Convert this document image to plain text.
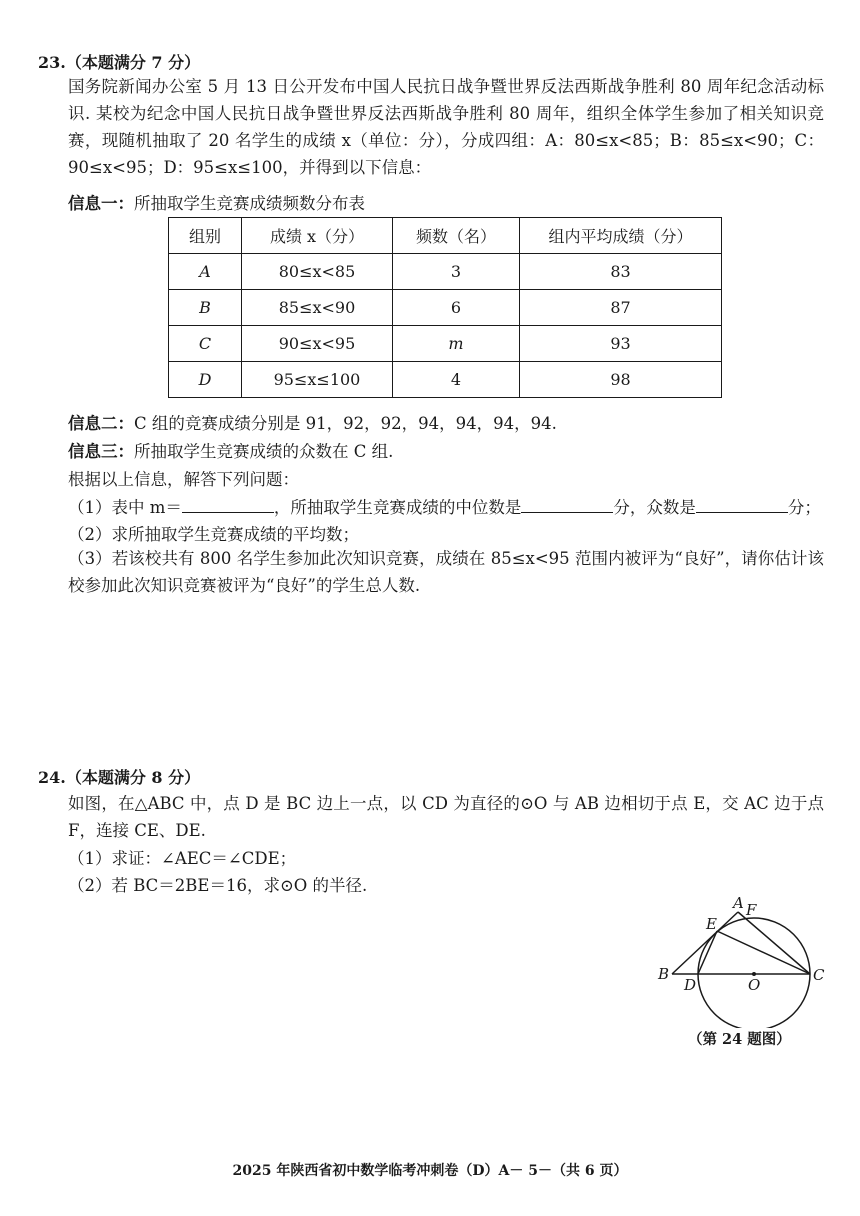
23.（本题满分 7 分）
国务院新闻办公室 5 月 13 日公开发布中国人民抗日战争暨世界反法西斯战争胜利 80 周年纪念活动标识. 某校为纪念中国人民抗日战争暨世界反法西斯战争胜利 80 周年，组织全体学生参加了相关知识竞赛，现随机抽取了 20 名学生的成绩 x（单位：分），分成四组：A：80≤x<85；B：85≤x<90；C：90≤x<95；D：95≤x≤100，并得到以下信息：
信息一：所抽取学生竞赛成绩频数分布表
组别	成绩 x（分）	频数（名）	组内平均成绩（分）
A	80≤x<85	3	83
B	85≤x<90	6	87
C	90≤x<95	m	93
D	95≤x≤100	4	98
信息二：C 组的竞赛成绩分别是 91，92，92，94，94，94，94.
信息三：所抽取学生竞赛成绩的众数在 C 组.
根据以上信息，解答下列问题：
（1）表中 m＝	，所抽取学生竞赛成绩的中位数是	分，众数是	分；
（2）求所抽取学生竞赛成绩的平均数；
（3）若该校共有 800 名学生参加此次知识竞赛，成绩在 85≤x<95 范围内被评为“良好”，请你估计该校参加此次知识竞赛被评为“良好”的学生总人数.
24.（本题满分 8 分）
如图，在△ABC 中，点 D 是 BC 边上一点，以 CD 为直径的⊙O 与 AB 边相切于点 E，交 AC 边于点 F，连接 CE、DE.
（1）求证：∠AEC＝∠CDE；
（2）若 BC＝2BE＝16，求⊙O 的半径.
A F
E
B
D	O
C
（第 24 题图）
2025 年陕西省初中数学临考冲刺卷（D）A－ 5－（共 6 页）
